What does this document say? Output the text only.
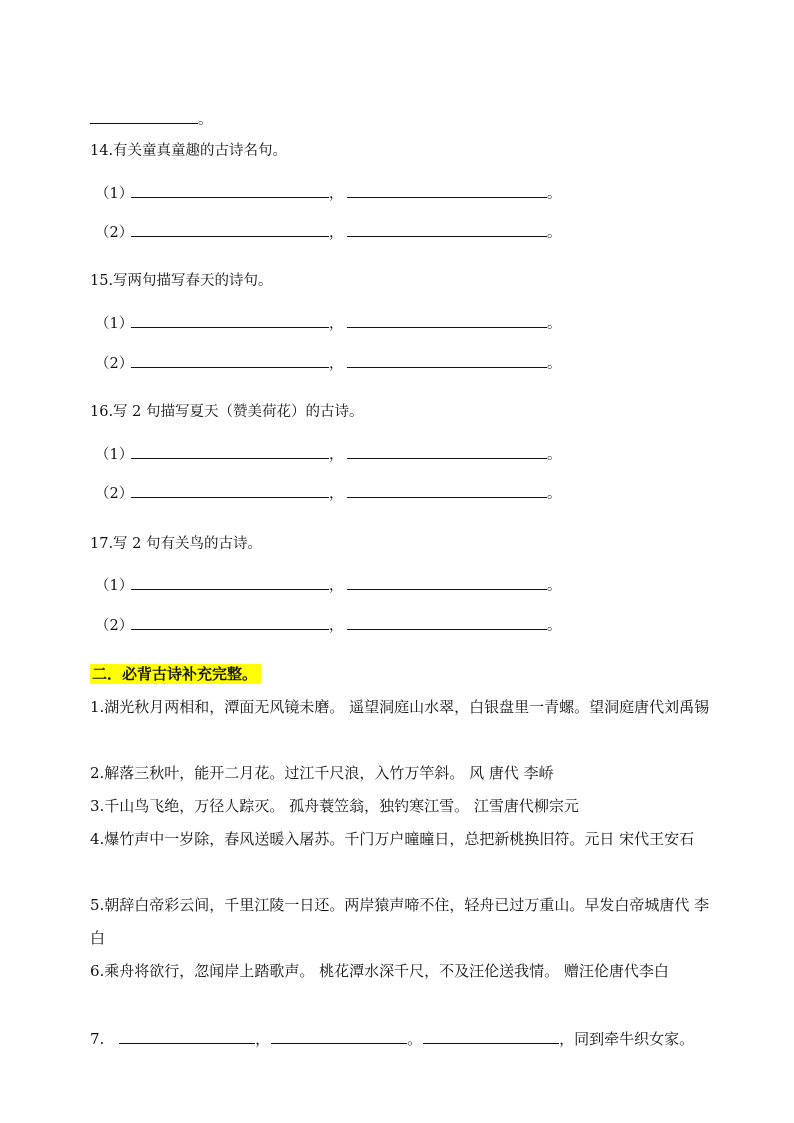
。
14.有关童真童趣的古诗名句。
（1）	，	。
（2）	，	。
15.写两句描写春天的诗句。
（1）	，	。
（2）	，	。
16.写 2 句描写夏天（赞美荷花）的古诗。
（1）	，	。
（2）	，	。
17.写 2 句有关鸟的古诗。
（1）	，	。
（2）	，	。
二．必背古诗补充完整。
1.湖光秋月两相和，潭面无风镜未磨。 遥望洞庭山水翠，白银盘里一青螺。望洞庭唐代刘禹锡
2.解落三秋叶，能开二月花。过江千尺浪，入竹万竿斜。 风 唐代 李峤
3.千山鸟飞绝，万径人踪灭。 孤舟蓑笠翁，独钓寒江雪。 江雪唐代柳宗元
4.爆竹声中一岁除，春风送暖入屠苏。千门万户曈曈日，总把新桃换旧符。元日 宋代王安石
5.朝辞白帝彩云间，千里江陵一日还。两岸猿声啼不住，轻舟已过万重山。早发白帝城唐代 李白
6.乘舟将欲行，忽闻岸上踏歌声。 桃花潭水深千尺，不及汪伦送我情。 赠汪伦唐代李白
7.	，	。	，同到牵牛织女家。
